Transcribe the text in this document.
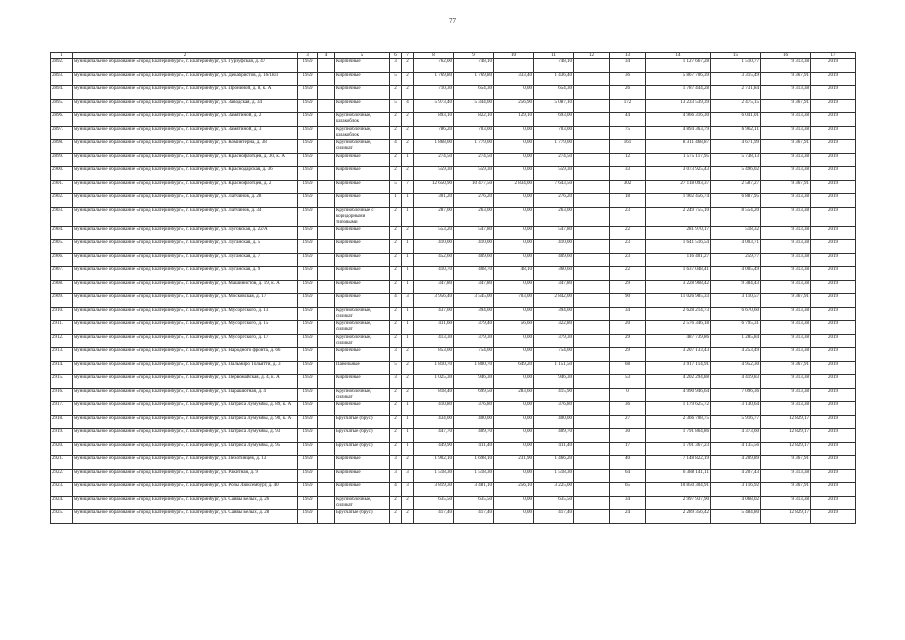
77
1	2	3	4	5	6	7	8	9	10	11	12	13	14	15	16	17
2892.	муниципальное образование «город Екатеринбург», г. Екатеринбург, ул. Гурзуфская, д. 47	1959		Кирпичные	3	2	762,00	748,10		748,10		34	1 127 667,28	1 510,77	9 313,38	2019
2893.	муниципальное образование «город Екатеринбург», г. Екатеринбург, ул. Декабристов, д. 16/18Л	1959		Кирпичные	5	2	1 769,80	1 769,80	333,40	1 436,40		36	5 867 706,39	3 315,49	9 367,91	2019
2894.	муниципальное образование «город Екатеринбург», г. Екатеринбург, ул. Прониной, д. 8, к. А	1959		Кирпичные	2	2	710,30	654,30	0,00	654,30		26	1 787 444,28	2 731,84	9 313,38	2019
2895.	муниципальное образование «город Екатеринбург», г. Екатеринбург, ул. Заводская, д. 34	1959		Кирпичные	5	4	5 973,40	5 344,00	256,90	5 087,10		172	13 233 539,39	2 475,15	9 367,91	2019
2896.	муниципальное образование «город Екатеринбург», г. Екатеринбург, ул. Замятиной, д. 2	1959		Крупноблочные, шлакоблок	2	2	893,10	822,10	129,10	693,00		44	4 966 316,30	6 041,01	9 313,38	2019
2897.	муниципальное образование «город Екатеринбург», г. Екатеринбург, ул. Замятиной, д. 3	1959		Крупноблочные, шлакоблок	2	2	786,20	703,00	0,00	703,00		75	4 894 363,79	6 962,11	9 313,38	2019
2898.	муниципальное образование «город Екатеринбург», г. Екатеринбург, ул. Коминтерна, д. 38	1959		Крупноблочные, силикат	4	2	1 868,00	1 779,00	0,00	1 779,00		161	8 311 468,87	4 671,99	9 367,91	2019
2899.	муниципальное образование «город Екатеринбург», г. Екатеринбург, ул. Краснофлотцев, д. 30, к. А	1959		Кирпичные	2	1	274,50	274,50	0,00	274,50		12	1 575 117,95	5 738,13	9 313,38	2019
2900.	муниципальное образование «город Екатеринбург», г. Екатеринбург, ул. Краснодарская, д. 36	1959		Кирпичные	2	2	559,30	559,30	0,00	559,30		33	3 073 925,43	5 496,02	9 313,38	2019
2901.	муниципальное образование «город Екатеринбург», г. Екатеринбург, ул. Краснофлотцев, д. 2	1959		Кирпичные	5	7	12 650,90	10 477,50	2 834,00	7 643,50		302	27 118 093,37	2 587,27	9 367,91	2019
2902.	муниципальное образование «город Екатеринбург», г. Екатеринбург, ул. Латчинов, д. 28	1959		Кирпичные	1	1	301,20	276,20	0,00	276,20		18	1 902 456,74	6 887,95	9 313,38	2019
2903.	муниципальное образование «город Екатеринбург», г. Екатеринбург, ул. Латчинов, д. 34	1959		Крупноблочные с коридорными типовыми	2	1	287,00	263,00	0,00	263,00		23	2 249 755,10	8 554,20	9 313,38	2019
2904.	муниципальное образование «город Екатеринбург», г. Екатеринбург, ул. Луговская, д. 22/А	1959		Кирпичные	2	2	553,20	547,80	0,00	547,80		22	281 970,17	518,32	9 313,38	2019
2905.	муниципальное образование «город Екатеринбург», г. Екатеринбург, ул. Луганская, д. 5	1959		Кирпичные	2	1	410,00	410,00	0,00	410,00		23	1 641 516,54	4 003,71	9 313,38	2019
2906.	муниципальное образование «город Екатеринбург», г. Екатеринбург, ул. Луганская, д. 7	1959		Кирпичные	2	1	452,60	409,60	0,00	409,60		23	116 401,27	259,77	9 313,38	2019
2907.	муниципальное образование «город Екатеринбург», г. Екатеринбург, ул. Луганская, д. 9	1959		Кирпичные	2	1	410,70	408,70	48,10	360,60		22	1 637 048,41	4 005,49	9 313,38	2019
2908.	муниципальное образование «город Екатеринбург», г. Екатеринбург, ул. Машинистов, д. 19, к. А	1959		Кирпичные	2	1	347,80	347,80	0,00	347,80		29	3 228 968,42	9 384,43	9 313,38	2019
2909.	муниципальное образование «город Екатеринбург», г. Екатеринбург, ул. Московская, д. 17	1959		Кирпичные	4	3	3 956,40	3 545,00	703,00	2 842,00		90	11 026 985,33	3 110,57	9 367,91	2019
2910.	муниципальное образование «город Екатеринбург», г. Екатеринбург, ул. Мусоргского, д. 13	1959		Крупноблочные, силикат	2	1	437,00	394,00	0,00	394,00		34	2 628 214,73	6 670,60	9 313,38	2019
2911.	муниципальное образование «город Екатеринбург», г. Екатеринбург, ул. Мусоргского, д. 15	1959		Крупноблочные, силикат	2	1	411,60	379,40	56,60	322,80		20	2 576 346,18	6 795,31	9 313,38	2019
2912.	муниципальное образование «город Екатеринбург», г. Екатеринбург, ул. Мусоргского, д. 17	1959		Крупноблочные, силикат	2	1	413,30	379,30	0,00	379,30		29	487 739,86	1 285,84	9 313,38	2019
2913.	муниципальное образование «город Екатеринбург», г. Екатеринбург, ул. Народного фронта, д. 66	1959		Кирпичные	3	2	853,00	754,00	0,00	754,00		29	3 207 133,43	4 253,49	9 313,38	2019
2914.	муниципальное образование «город Екатеринбург», г. Екатеринбург, ул. Пальмиро Тольятти, д. 3	1959		Панельные	5	2	1 810,70	1 800,70	649,20	1 151,50		68	3 917 114,91	4 952,30	9 367,91	2019
2915.	муниципальное образование «город Екатеринбург», г. Екатеринбург, ул. Первомайская, д. 4, к. А	1959		Кирпичные	3	2	1 025,30	946,30	0,00	946,30		53	4 202 294,88	4 419,83	9 313,38	2019
2916.	муниципальное образование «город Екатеринбург», г. Екатеринбург, ул. Парашютная, д. 4	1959		Крупноблочные, силикат	2	2	818,40	699,50	283,60	415,90		0	4 990 946,64	7 096,36	9 313,38	2019
2917.	муниципальное образование «город Екатеринбург», г. Екатеринбург, ул. Патриса Лумумбы, д. 89, к. А	1959		Кирпичные	2	1	410,80	376,80	0,00	376,80		36	1 179 625,72	3 130,64	9 313,38	2019
2918.	муниципальное образование «город Екатеринбург», г. Екатеринбург, ул. Патриса Лумумбы, д. 90, к. А	1959		Брусчатые (брус)	2	1	434,00	400,00	0,00	400,00		27	2 366 708,75	5 916,77	12 829,17	2019
2919.	муниципальное образование «город Екатеринбург», г. Екатеринбург, ул. Патриса Лумумбы, д. 93	1959		Брусчатые (брус)	2	1	447,70	409,70	0,00	409,70		30	1 791 864,86	4 373,60	12 829,17	2019
2920.	муниципальное образование «город Екатеринбург», г. Екатеринбург, ул. Патриса Лумумбы, д. 95	1959		Брусчатые (брус)	2	1	449,90	411,40	0,00	411,40		17	1 701 367,23	4 135,56	12 829,17	2019
2921.	муниципальное образование «город Екатеринбург», г. Екатеринбург, ул. Пехотинцев, д. 13	1959		Кирпичные	3	2	1 902,10	1 698,10	231,90	1 466,20		40	7 148 822,19	4 209,89	9 367,91	2019
2922.	муниципальное образование «город Екатеринбург», г. Екатеринбург, ул. Ракитная, д. 9	1959		Кирпичные	3	3	1 518,30	1 518,30	0,00	1 518,30		64	6 388 141,11	4 207,43	9 313,38	2019
2923.	муниципальное образование «город Екатеринбург», г. Екатеринбург, ул. Розы Люксембург, д. 40	1959		Кирпичные	4	3	3 819,30	3 481,10	256,10	3 225,00		65	10 850 304,91	3 116,92	9 367,91	2019
2924.	муниципальное образование «город Екатеринбург», г. Екатеринбург, ул. Саввы Белых, д. 26	1959		Крупноблочные, силикат	2	2	635,50	635,50	0,00	635,50		34	2 997 937,90	4 068,02	9 313,38	2019
2925.	муниципальное образование «город Екатеринбург», г. Екатеринбург, ул. Саввы Белых, д. 28	1959		Брусчатые (брус)	2	2	417,40	417,40	0,00	417,40		24	2 289 356,42	5 484,80	12 829,17	2019
